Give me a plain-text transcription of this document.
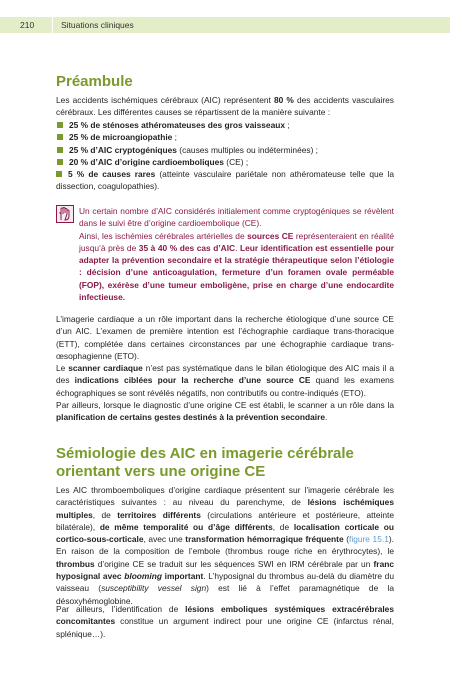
210	Situations cliniques
Préambule

Les accidents ischémiques cérébraux (AIC) représentent 80 % des accidents vasculaires cérébraux. Les différentes causes se répartissent de la manière suivante :

25 % de sténoses athéromateuses des gros vaisseaux ;
25 % de microangiopathie ;
25 % d’AIC cryptogéniques (causes multiples ou indéterminées) ;
20 % d’AIC d’origine cardioemboliques (CE) ;
5 % de causes rares (atteinte vasculaire pariétale non athéromateuse telle que la dissection, coagulopathies).

Un certain nombre d’AIC considérés initialement comme cryptogéniques se révèlent dans le suivi être d’origine cardioembolique (CE).
Ainsi, les ischémies cérébrales artérielles de sources CE représenteraient en réalité jusqu’à près de 35 à 40 % des cas d’AIC. Leur identification est essentielle pour adapter la prévention secondaire et la stratégie thérapeutique selon l’étiologie : décision d’une anticoagulation, fermeture d’un foramen ovale perméable (FOP), exérèse d’une tumeur emboligène, prise en charge d’une endocardite infectieuse.

L’imagerie cardiaque a un rôle important dans la recherche étiologique d’une source CE d’un AIC. L’examen de première intention est l’échographie cardiaque trans-thoracique (ETT), complétée dans certaines circonstances par une échographie cardiaque trans-œsophagienne (ETO).

Le scanner cardiaque n’est pas systématique dans le bilan étiologique des AIC mais il a des indications ciblées pour la recherche d’une source CE quand les examens échographiques se sont révélés négatifs, non contributifs ou contre-indiqués (ETO).

Par ailleurs, lorsque le diagnostic d’une origine CE est établi, le scanner a un rôle dans la planification de certains gestes destinés à la prévention secondaire.

Sémiologie des AIC en imagerie cérébrale orientant vers une origine CE

Les AIC thromboemboliques d’origine cardiaque présentent sur l’imagerie cérébrale les caractéristiques suivantes : au niveau du parenchyme, de lésions ischémiques multiples, de territoires différents (circulations antérieure et postérieure, atteinte bilatérale), de même temporalité ou d’âge différents, de localisation corticale ou cortico-sous-corticale, avec une transformation hémorragique fréquente (figure 15.1). En raison de la composition de l’embole (thrombus rouge riche en érythrocytes), le thrombus d’origine CE se traduit sur les séquences SWI en IRM cérébrale par un franc hyposignal avec blooming important. L’hyposignal du thrombus au-delà du diamètre du vaisseau (susceptibility vessel sign) est lié à l’effet paramagnétique de la désoxyhémoglobine.

Par ailleurs, l’identification de lésions emboliques systémiques extracérébrales concomitantes constitue un argument indirect pour une origine CE (infarctus rénal, splénique…).
